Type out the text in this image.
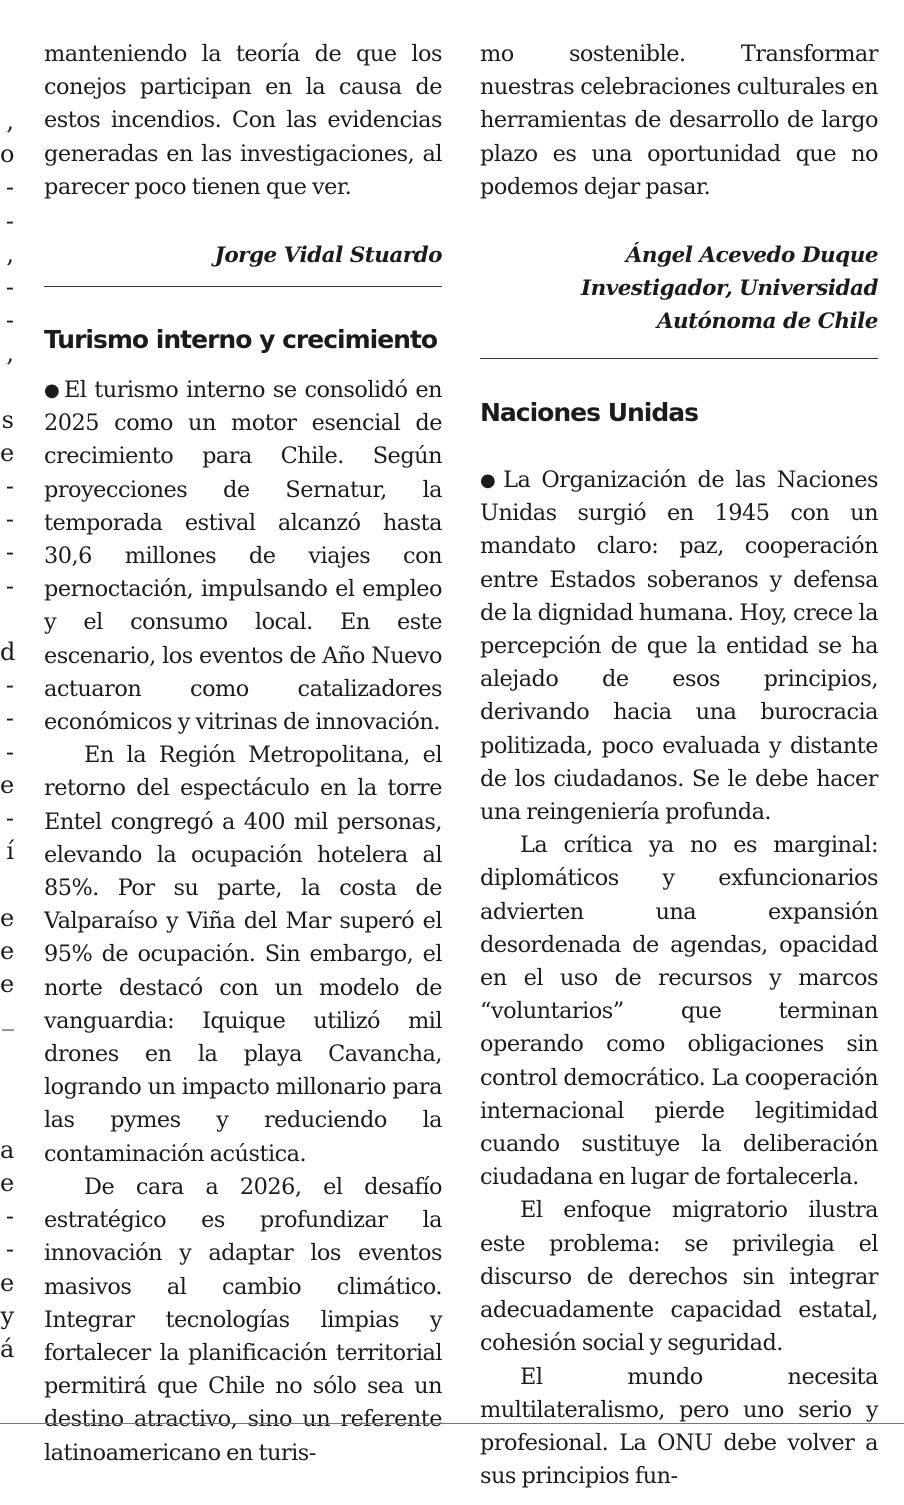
,
o
-
-
,
-
-
,
s
e
-
-
-
-
d
-
-
-
e
-
í
e
e
e
_
a
e
-
-
e
y
á

manteniendo la teoría de que los conejos participan en la causa de estos incendios. Con las evidencias generadas en las investigaciones, al parecer poco tienen que ver.

Jorge Vidal Stuardo
Turismo interno y crecimiento

●El turismo interno se consolidó en 2025 como un motor esencial de crecimiento para Chile. Según proyecciones de Sernatur, la temporada estival alcanzó hasta 30,6 millones de viajes con pernoctación, impulsando el empleo y el consumo local. En este escenario, los eventos de Año Nuevo actuaron como catalizadores económicos y vitrinas de innovación.

En la Región Metropolitana, el retorno del espectáculo en la torre Entel congregó a 400 mil personas, elevando la ocupación hotelera al 85%. Por su parte, la costa de Valparaíso y Viña del Mar superó el 95% de ocupación. Sin embargo, el norte destacó con un modelo de vanguardia: Iquique utilizó mil drones en la playa Cavancha, logrando un impacto millonario para las pymes y reduciendo la contaminación acústica.

De cara a 2026, el desafío estratégico es profundizar la innovación y adaptar los eventos masivos al cambio climático. Integrar tecnologías limpias y fortalecer la planificación territorial permitirá que Chile no sólo sea un destino atractivo, sino un referente latinoamericano en turis-

mo sostenible. Transformar nuestras celebraciones culturales en herramientas de desarrollo de largo plazo es una oportunidad que no podemos dejar pasar.

Ángel Acevedo Duque
Investigador, Universidad
Autónoma de Chile
Naciones Unidas

●La Organización de las Naciones Unidas surgió en 1945 con un mandato claro: paz, cooperación entre Estados soberanos y defensa de la dignidad humana. Hoy, crece la percepción de que la entidad se ha alejado de esos principios, derivando hacia una burocracia politizada, poco evaluada y distante de los ciudadanos. Se le debe hacer una reingeniería profunda.

La crítica ya no es marginal: diplomáticos y exfuncionarios advierten una expansión desordenada de agendas, opacidad en el uso de recursos y marcos “voluntarios” que terminan operando como obligaciones sin control democrático. La cooperación internacional pierde legitimidad cuando sustituye la deliberación ciudadana en lugar de fortalecerla.

El enfoque migratorio ilustra este problema: se privilegia el discurso de derechos sin integrar adecuadamente capacidad estatal, cohesión social y seguridad.

El mundo necesita multilateralismo, pero uno serio y profesional. La ONU debe volver a sus principios fun-
